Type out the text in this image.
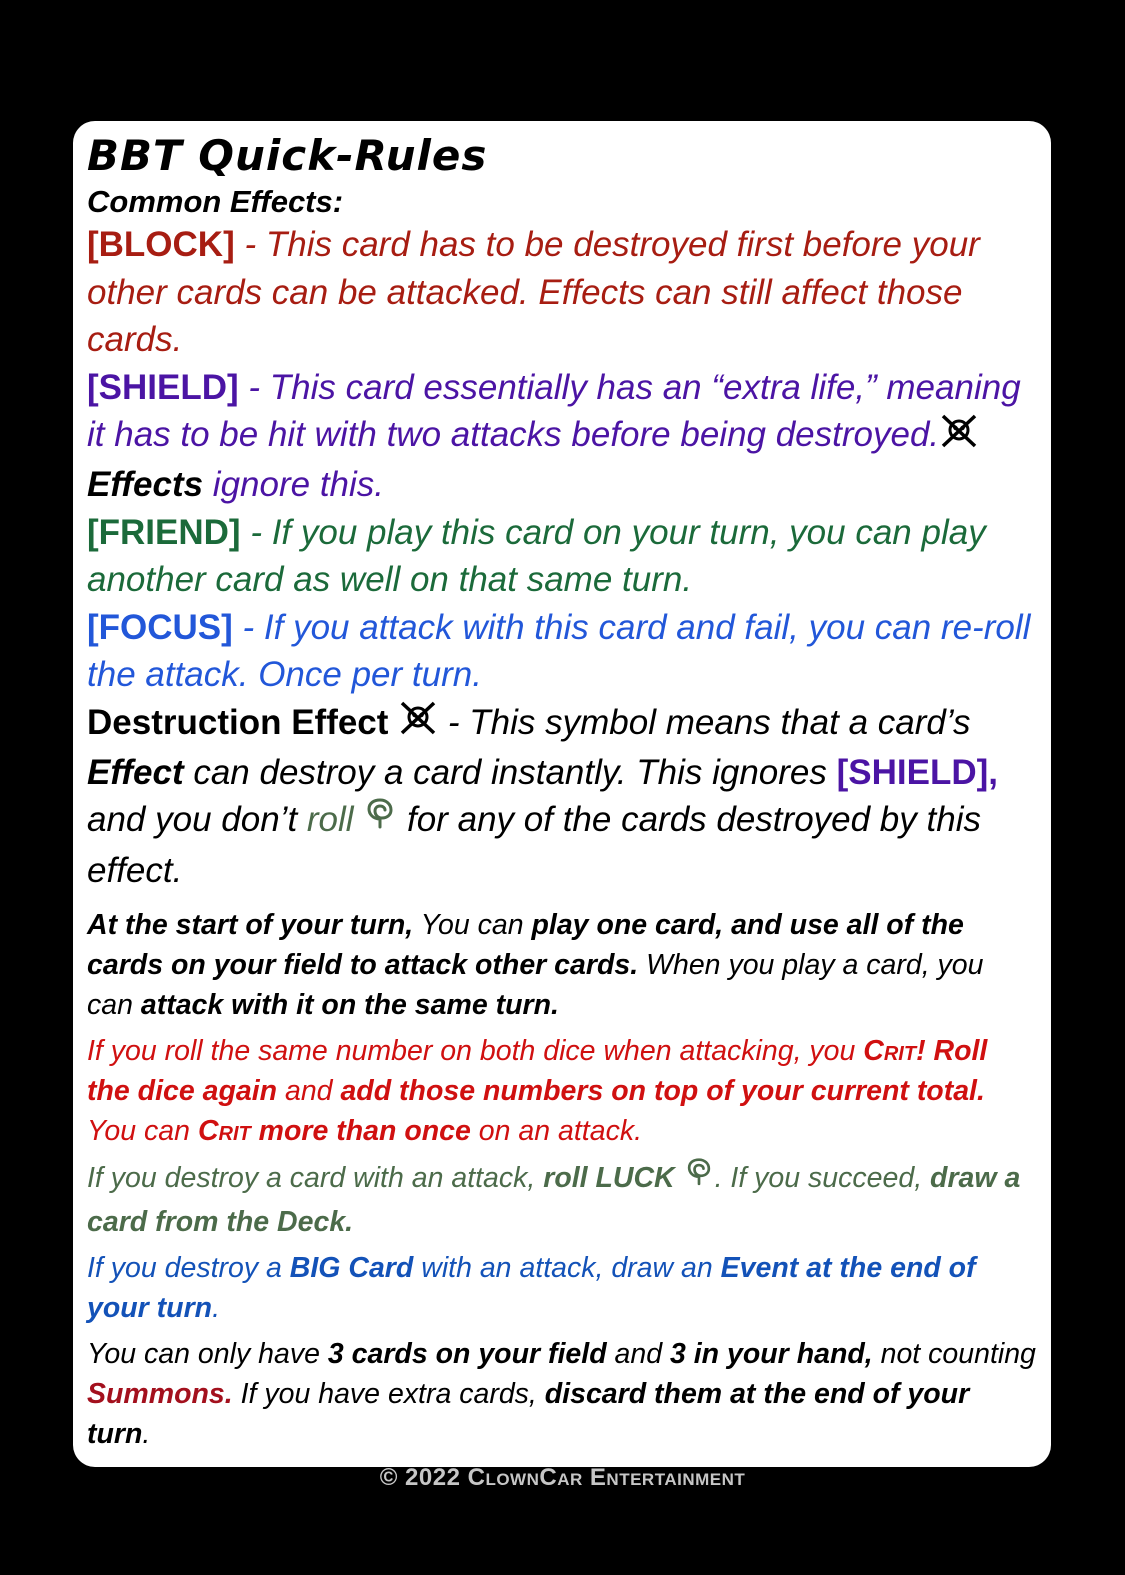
BBT Quick-Rules
Common Effects:

[BLOCK] - This card has to be destroyed first before your other cards can be attacked. Effects can still affect those cards.

[SHIELD] - This card essentially has an “extra life,” meaning it has to be hit with two attacks before being destroyed.Effects ignore this.

[FRIEND] - If you play this card on your turn, you can play another card as well on that same turn.

[FOCUS] - If you attack with this card and fail, you can re-roll the attack. Once per turn.

Destruction Effect  - This symbol means that a card’s Effect can destroy a card instantly. This ignores [SHIELD], and you don’t roll  for any of the cards destroyed by this effect.

At the start of your turn, You can play one card, and use all of the cards on your field to attack other cards. When you play a card, you can attack with it on the same turn.

If you roll the same number on both dice when attacking, you Crit! Roll the dice again and add those numbers on top of your current total. You can Crit more than once on an attack.

If you destroy a card with an attack, roll LUCK . If you succeed, draw a card from the Deck.

If you destroy a BIG Card with an attack, draw an Event at the end of your turn.

You can only have 3 cards on your field and 3 in your hand, not counting Summons. If you have extra cards, discard them at the end of your turn.

© 2022 ClownCar Entertainment
